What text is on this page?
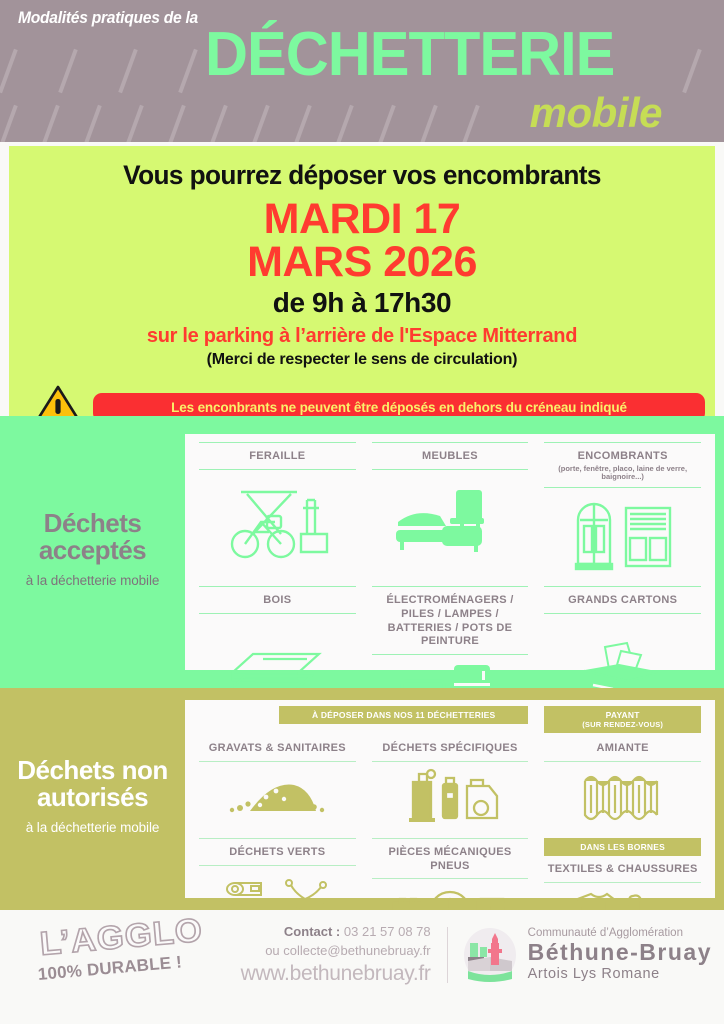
Modalités pratiques de la
DÉCHETTERIE
mobile
Vous pourrez déposer vos encombrants
MARDI 17
MARS 2026
de 9h à 17h30
sur le parking à l’arrière de l'Espace Mitterrand
(Merci de respecter le sens de circulation)
Les enconbrants ne peuvent être déposés en dehors du créneau indiqué
Déchets
acceptés
à la déchetterie mobile
FERAILLE	MEUBLES	ENCOMBRANTS
(porte, fenêtre, placo, laine de verre, baignoire...)
BOIS	ÉLECTROMÉNAGERS / PILES / LAMPES / BATTERIES / POTS DE PEINTURE
GRANDS CARTONS
Déchets non
autorisés
à la déchetterie mobile
À DÉPOSER DANS NOS 11 DÉCHETTERIES	PAYANT
(SUR RENDEZ-VOUS)
GRAVATS & SANITAIRES	DÉCHETS SPÉCIFIQUES	AMIANTE
DÉCHETS VERTS	PIÈCES MÉCANIQUES PNEUS
DANS LES BORNES
TEXTILES & CHAUSSURES
L’AGGLO
100% DURABLE !
Contact : 03 21 57 08 78
ou collecte@bethunebruay.fr
www.bethunebruay.fr
Communauté d’Agglomération
Béthune-Bruay
Artois Lys Romane
